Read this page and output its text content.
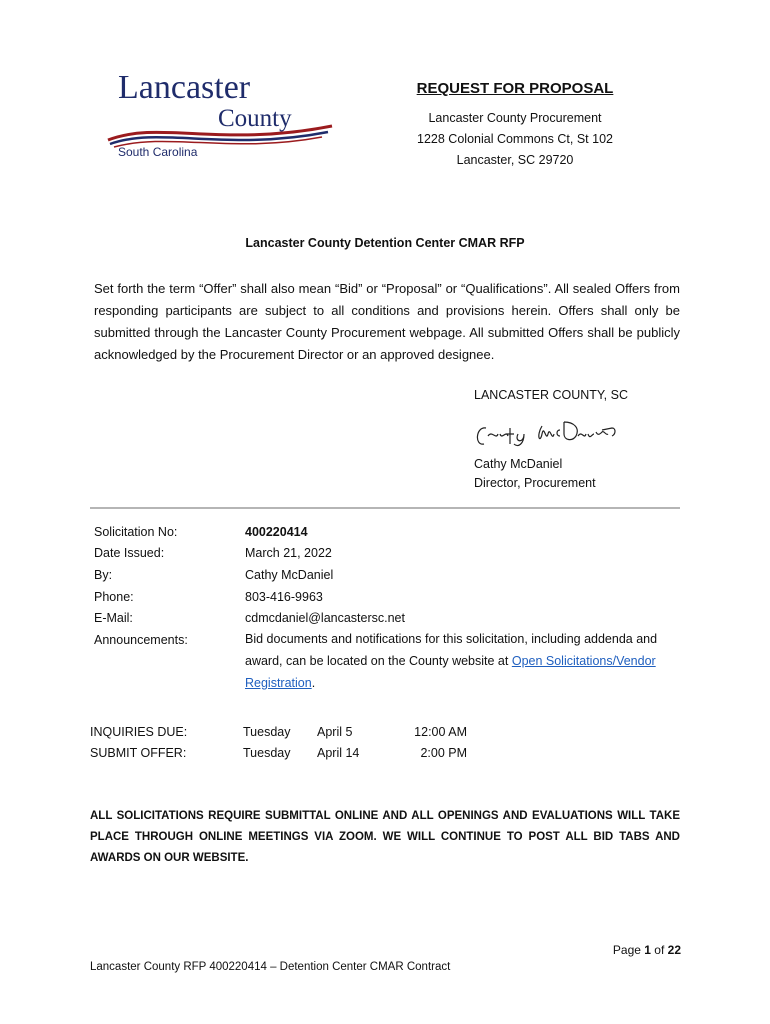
Lancaster
County
South Carolina
REQUEST FOR PROPOSAL
Lancaster County Procurement
1228 Colonial Commons Ct, St 102
Lancaster, SC 29720
Lancaster County Detention Center CMAR RFP
Set forth the term “Offer” shall also mean “Bid” or “Proposal” or “Qualifications”. All sealed Offers from responding participants are subject to all conditions and provisions herein. Offers shall only be submitted through the Lancaster County Procurement webpage. All submitted Offers shall be publicly acknowledged by the Procurement Director or an approved designee.
LANCASTER COUNTY, SC
Cathy McDaniel
Director, Procurement
Solicitation No:	400220414
Date Issued:	March 21, 2022
By:	Cathy McDaniel
Phone:	803-416-9963
E-Mail:	cdmcdaniel@lancastersc.net
Announcements:	Bid documents and notifications for this solicitation, including addenda and award, can be located on the County website at Open Solicitations/Vendor Registration.
INQUIRIES DUE:	Tuesday April 5	12:00 AM
SUBMIT OFFER:	Tuesday April 14	2:00 PM
ALL SOLICITATIONS REQUIRE SUBMITTAL ONLINE AND ALL OPENINGS AND EVALUATIONS WILL TAKE PLACE THROUGH ONLINE MEETINGS VIA ZOOM. WE WILL CONTINUE TO POST ALL BID TABS AND AWARDS ON OUR WEBSITE.
Page 1 of 22
Lancaster County RFP 400220414 – Detention Center CMAR Contract
